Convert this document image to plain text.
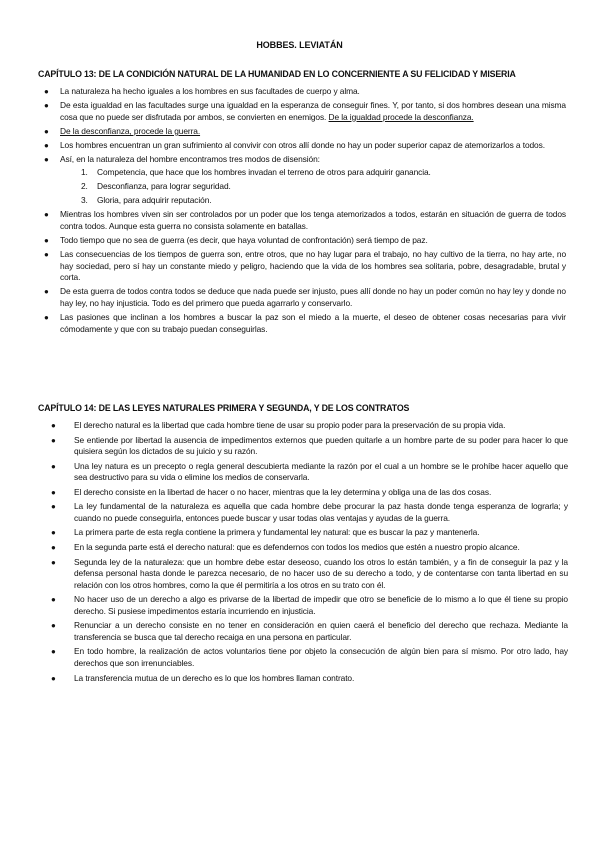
HOBBES. LEVIATÁN
CAPÍTULO 13: DE LA CONDICIÓN NATURAL DE LA HUMANIDAD EN LO CONCERNIENTE A SU FELICIDAD Y MISERIA
● La naturaleza ha hecho iguales a los hombres en sus facultades de cuerpo y alma.
● De esta igualdad en las facultades surge una igualdad en la esperanza de conseguir fines. Y, por tanto, si dos hombres desean una misma cosa que no puede ser disfrutada por ambos, se convierten en enemigos. De la igualdad procede la desconfianza.
● De la desconfianza, procede la guerra.
● Los hombres encuentran un gran sufrimiento al convivir con otros allí donde no hay un poder superior capaz de atemorizarlos a todos.
● Así, en la naturaleza del hombre encontramos tres modos de disensión:
1. Competencia, que hace que los hombres invadan el terreno de otros para adquirir ganancia.
2. Desconfianza, para lograr seguridad.
3. Gloria, para adquirir reputación.
● Mientras los hombres viven sin ser controlados por un poder que los tenga atemorizados a todos, estarán en situación de guerra de todos contra todos. Aunque esta guerra no consista solamente en batallas.
● Todo tiempo que no sea de guerra (es decir, que haya voluntad de confrontación) será tiempo de paz.
● Las consecuencias de los tiempos de guerra son, entre otros, que no hay lugar para el trabajo, no hay cultivo de la tierra, no hay arte, no hay sociedad, pero sí hay un constante miedo y peligro, haciendo que la vida de los hombres sea solitaria, pobre, desagradable, brutal y corta.
● De esta guerra de todos contra todos se deduce que nada puede ser injusto, pues allí donde no hay un poder común no hay ley y donde no hay ley, no hay injusticia. Todo es del primero que pueda agarrarlo y conservarlo.
● Las pasiones que inclinan a los hombres a buscar la paz son el miedo a la muerte, el deseo de obtener cosas necesarias para vivir cómodamente y que con su trabajo puedan conseguirlas.
CAPÍTULO 14: DE LAS LEYES NATURALES PRIMERA Y SEGUNDA, Y DE LOS CONTRATOS
● El derecho natural es la libertad que cada hombre tiene de usar su propio poder para la preservación de su propia vida.
● Se entiende por libertad la ausencia de impedimentos externos que pueden quitarle a un hombre parte de su poder para hacer lo que quisiera según los dictados de su juicio y su razón.
● Una ley natura es un precepto o regla general descubierta mediante la razón por el cual a un hombre se le prohíbe hacer aquello que sea destructivo para su vida o elimine los medios de conservarla.
● El derecho consiste en la libertad de hacer o no hacer, mientras que la ley determina y obliga una de las dos cosas.
● La ley fundamental de la naturaleza es aquella que cada hombre debe procurar la paz hasta donde tenga esperanza de lograrla; y cuando no puede conseguirla, entonces puede buscar y usar todas olas ventajas y ayudas de la guerra.
● La primera parte de esta regla contiene la primera y fundamental ley natural: que es buscar la paz y mantenerla.
● En la segunda parte está el derecho natural: que es defendernos con todos los medios que estén a nuestro propio alcance.
● Segunda ley de la naturaleza: que un hombre debe estar deseoso, cuando los otros lo están también, y a fin de conseguir la paz y la defensa personal hasta donde le parezca necesario, de no hacer uso de su derecho a todo, y de contentarse con tanta libertad en su relación con los otros hombres, como la que él permitiría a los otros en su trato con él.
● No hacer uso de un derecho a algo es privarse de la libertad de impedir que otro se beneficie de lo mismo a lo que él tiene su propio derecho. Si pusiese impedimentos estaría incurriendo en injusticia.
● Renunciar a un derecho consiste en no tener en consideración en quien caerá el beneficio del derecho que rechaza. Mediante la transferencia se busca que tal derecho recaiga en una persona en particular.
● En todo hombre, la realización de actos voluntarios tiene por objeto la consecución de algún bien para sí mismo. Por otro lado, hay derechos que son irrenunciables.
● La transferencia mutua de un derecho es lo que los hombres llaman contrato.
